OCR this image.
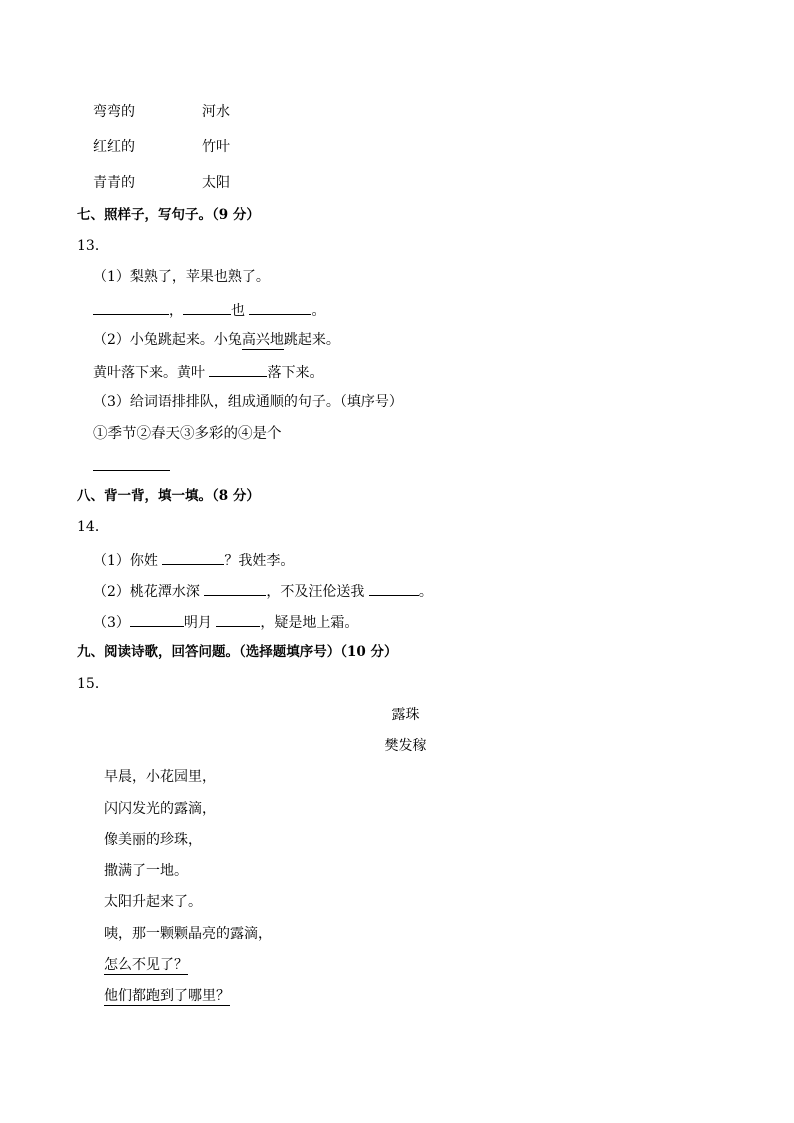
弯弯的	河水
红红的	竹叶
青青的	太阳
七、照样子，写句子。（9 分）
13．
（1）梨熟了，苹果也熟了。
，	也	。
（2）小兔跳起来。小兔高兴地跳起来。
黄叶落下来。黄叶	落下来。
（3）给词语排排队，组成通顺的句子。（填序号）
①季节②春天③多彩的④是个
八、背一背，填一填。（8 分）
14．
（1）你姓	？我姓李。
（2）桃花潭水深	，不及汪伦送我	。
（3）	明月	，疑是地上霜。
九、阅读诗歌，回答问题。（选择题填序号）（10 分）
15．
露珠
樊发稼
早晨，小花园里，
闪闪发光的露滴，
像美丽的珍珠，
撒满了一地。
太阳升起来了。
咦，那一颗颗晶亮的露滴，
怎么不见了？
他们都跑到了哪里？
